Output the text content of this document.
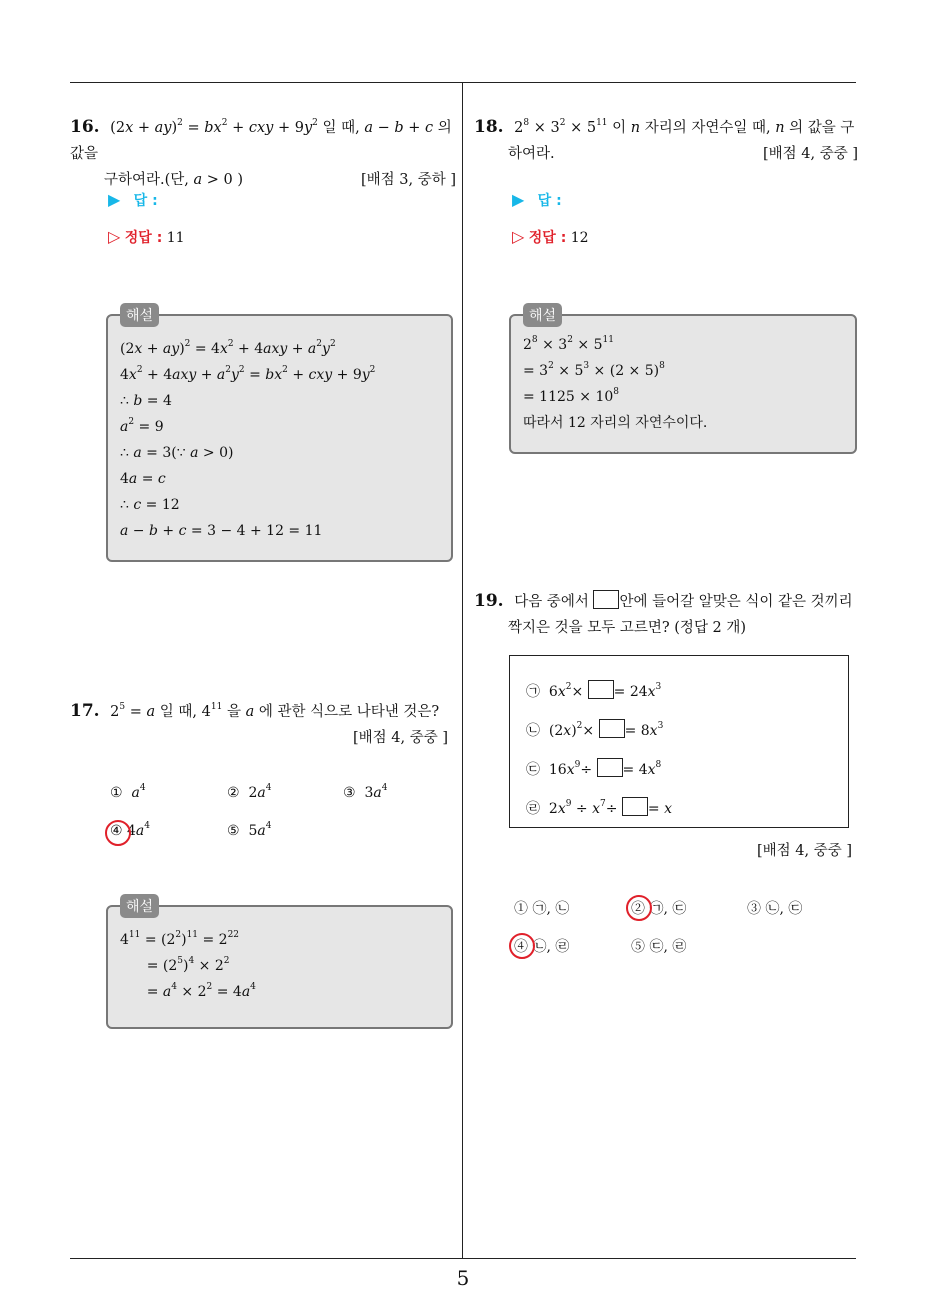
16. $(2x + ay)^2 = bx^2$ + cxy + $9y^2$ 일 때, a − b + c 의 값을
구하여라.(단, a > 0 )	[배점 3, 중하 ]
▶ 답 :
▷ 정답 : 11
해설
$(2x + ay)^2 = 4x^2 + 4axy + a^2y^2$
$4x^2 + 4axy + a^2y^2 = bx^2$ + cxy + $9y^2$
∴ b = 4
$a^2 = 9$
∴ a = 3(∵ a > 0)
4a = c
∴ c = 12
a − b + c = 3 − 4 + 12 = 11
17. $2^5 = a$ 일 때, $4^{11}$ 을 a 에 관한 식으로 나타낸 것은?
[배점 4, 중중 ]
① $a^4$	②  $2a^4$	③  $3a^4$
④ $4a^4$	⑤  $5a^4$
해설
$4^{11} = (2^2)^{11} = 2^{22}$
= $(2^5)^4 \times 2^2$
= $a^4 \times 2^2 = 4a^4$
18. $2^8 \times 3^2 \times 5^{11}$ 이 n 자리의 자연수일 때, n 의 값을 구
하여라.	[배점 4, 중중 ]
▶ 답 :
▷ 정답 : 12
해설
$2^8 \times 3^2 \times 5^{11}$
= $3^2 \times 5^3 \times (2 \times 5)^8$
= $1125 \times 10^8$
따라서 12 자리의 자연수이다.
19. 다음 중에서 안에 들어갈 알맞은 식이 같은 것끼리
짝지은 것을 모두 고르면? (정답 2 개)
㉠  $6x^2\times = 24x^3$
㉡  $(2x)^2\times = 8x^3$
㉢  $16x^9\div = 4x^8$
㉣  $2x^9 \div x^7\div = x$
[배점 4, 중중 ]
① ㉠, ㉡	② ㉠, ㉢	③ ㉡, ㉢
④ ㉡, ㉣	⑤ ㉢, ㉣
5
